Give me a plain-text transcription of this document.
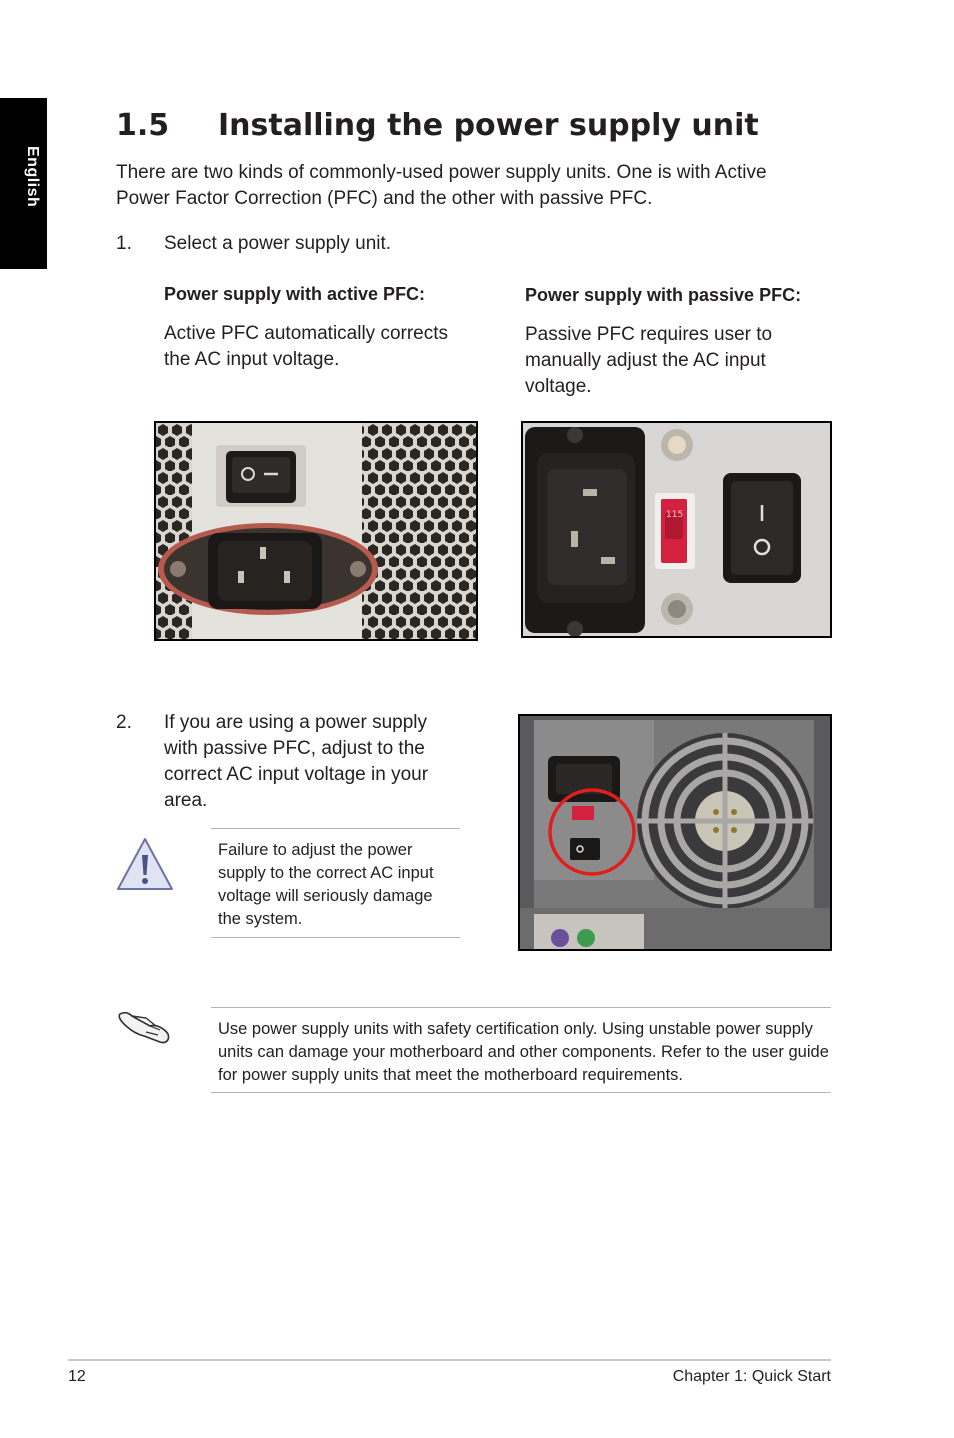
English
1.5 Installing the power supply unit

There are two kinds of commonly-used power supply units. One is with Active Power Factor Correction (PFC) and the other with passive PFC.

1. Select a power supply unit.
Power supply with active PFC:

Active PFC automatically corrects the AC input voltage.

Power supply with passive PFC:

Passive PFC requires user to manually adjust the AC input voltage.

115
2. If you are using a power supply with passive PFC, adjust to the correct AC input voltage in your area.

Failure to adjust the power supply to the correct AC input voltage will seriously damage the system.

Use power supply units with safety certification only. Using unstable power supply units can damage your motherboard and other components. Refer to the user guide for power supply units that meet the motherboard requirements.

12	Chapter 1: Quick Start
